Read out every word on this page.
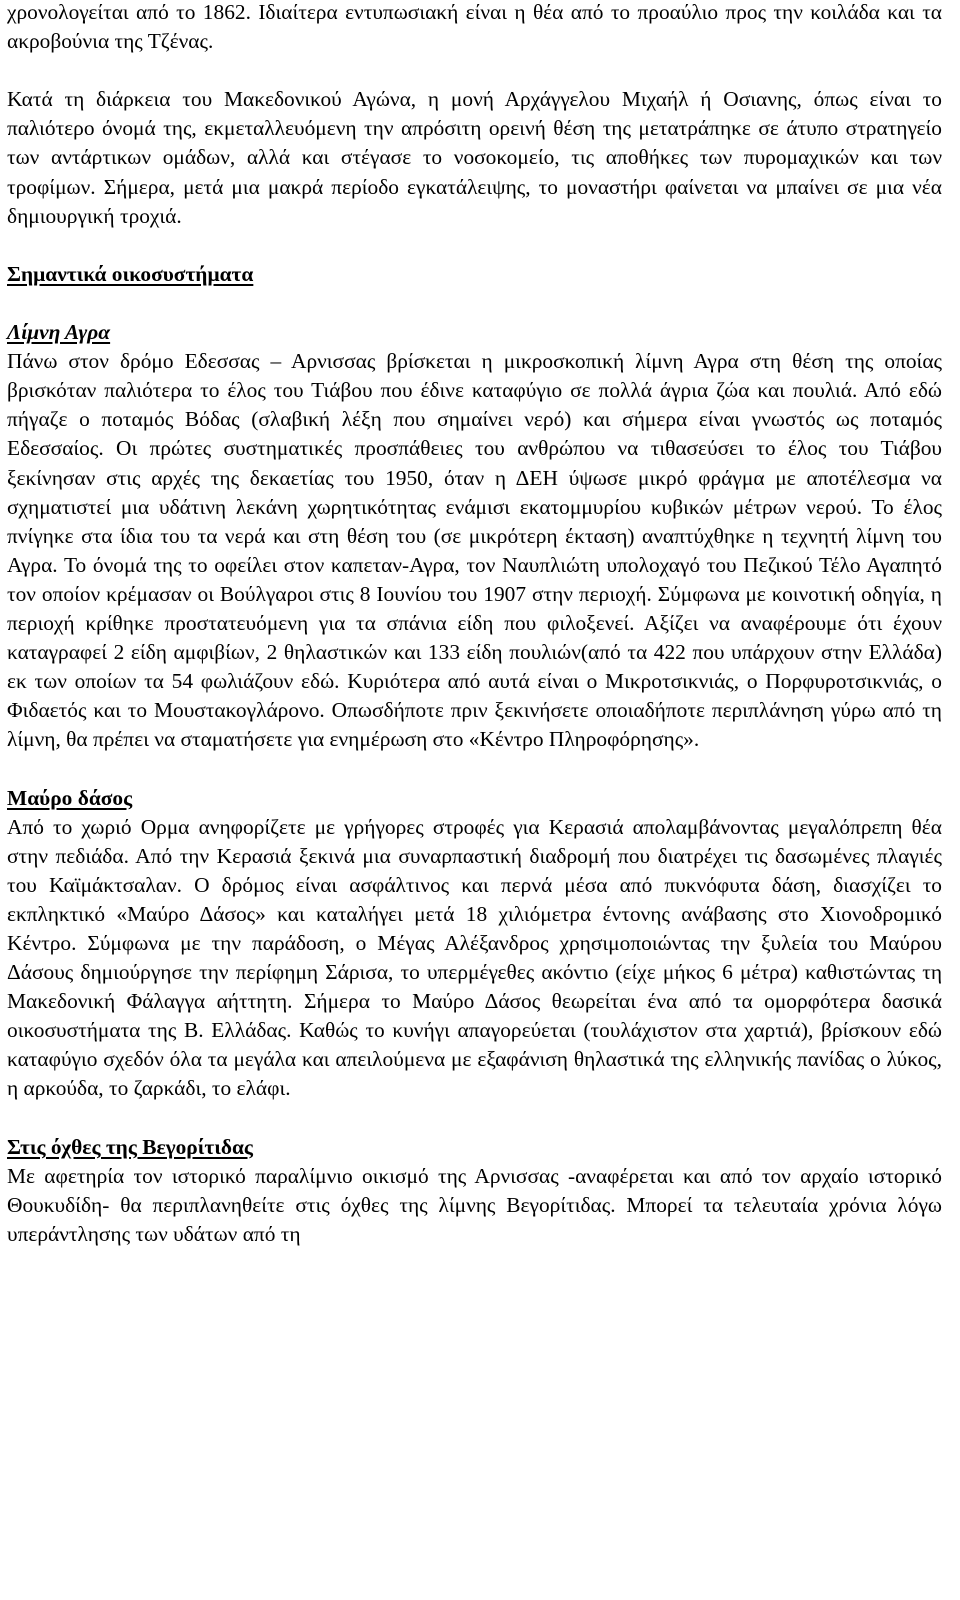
χρονολογείται από το 1862. Ιδιαίτερα εντυπωσιακή είναι η θέα από το προαύλιο προς την κοιλάδα και τα ακροβούνια της Τζένας.

Κατά τη διάρκεια του Μακεδονικού Αγώνα, η μονή Αρχάγγελου Μιχαήλ ή Οσιανης, όπως είναι το παλιότερο όνομά της, εκμεταλλευόμενη την απρόσιτη ορεινή θέση της μετατράπηκε σε άτυπο στρατηγείο των αντάρτικων ομάδων, αλλά και στέγασε το νοσοκομείο, τις αποθήκες των πυρομαχικών και των τροφίμων. Σήμερα, μετά μια μακρά περίοδο εγκατάλειψης, το μοναστήρι φαίνεται να μπαίνει σε μια νέα δημιουργική τροχιά.

Σημαντικά οικοσυστήματα
Λίμνη Αγρα

Πάνω στον δρόμο Εδεσσας – Αρνισσας βρίσκεται η μικροσκοπική λίμνη Αγρα στη θέση της οποίας βρισκόταν παλιότερα το έλος του Τιάβου που έδινε καταφύγιο σε πολλά άγρια ζώα και πουλιά. Από εδώ πήγαζε ο ποταμός Βόδας (σλαβική λέξη που σημαίνει νερό) και σήμερα είναι γνωστός ως ποταμός Εδεσσαίος. Οι πρώτες συστηματικές προσπάθειες του ανθρώπου να τιθασεύσει το έλος του Τιάβου ξεκίνησαν στις αρχές της δεκαετίας του 1950, όταν η ΔΕΗ ύψωσε μικρό φράγμα με αποτέλεσμα να σχηματιστεί μια υδάτινη λεκάνη χωρητικότητας ενάμισι εκατομμυρίου κυβικών μέτρων νερού. Το έλος πνίγηκε στα ίδια του τα νερά και στη θέση του (σε μικρότερη έκταση) αναπτύχθηκε η τεχνητή λίμνη του Αγρα. Το όνομά της το οφείλει στον καπεταν-Αγρα, τον Ναυπλιώτη υπολοχαγό του Πεζικού Τέλο Αγαπητό τον οποίον κρέμασαν οι Βούλγαροι στις 8 Ιουνίου του 1907 στην περιοχή. Σύμφωνα με κοινοτική οδηγία, η περιοχή κρίθηκε προστατευόμενη για τα σπάνια είδη που φιλοξενεί. Αξίζει να αναφέρουμε ότι έχουν καταγραφεί 2 είδη αμφιβίων, 2 θηλαστικών και 133 είδη πουλιών(από τα 422 που υπάρχουν στην Ελλάδα) εκ των οποίων τα 54 φωλιάζουν εδώ. Κυριότερα από αυτά είναι ο Μικροτσικνιάς, ο Πορφυροτσικνιάς, ο Φιδαετός και το Μουστακογλάρονο. Οπωσδήποτε πριν ξεκινήσετε οποιαδήποτε περιπλάνηση γύρω από τη λίμνη, θα πρέπει να σταματήσετε για ενημέρωση στο «Κέντρο Πληροφόρησης».

Μαύρο δάσος

Από το χωριό Ορμα ανηφορίζετε με γρήγορες στροφές για Κερασιά απολαμβάνοντας μεγαλόπρεπη θέα στην πεδιάδα. Από την Κερασιά ξεκινά μια συναρπαστική διαδρομή που διατρέχει τις δασωμένες πλαγιές του Καϊμάκτσαλαν. Ο δρόμος είναι ασφάλτινος και περνά μέσα από πυκνόφυτα δάση, διασχίζει το εκπληκτικό «Μαύρο Δάσος» και καταλήγει μετά 18 χιλιόμετρα έντονης ανάβασης στο Χιονοδρομικό Κέντρο. Σύμφωνα με την παράδοση, ο Μέγας Αλέξανδρος χρησιμοποιώντας την ξυλεία του Μαύρου Δάσους δημιούργησε την περίφημη Σάρισα, το υπερμέγεθες ακόντιο (είχε μήκος 6 μέτρα) καθιστώντας τη Μακεδονική Φάλαγγα αήττητη. Σήμερα το Μαύρο Δάσος θεωρείται ένα από τα ομορφότερα δασικά οικοσυστήματα της Β. Ελλάδας. Καθώς το κυνήγι απαγορεύεται (τουλάχιστον στα χαρτιά), βρίσκουν εδώ καταφύγιο σχεδόν όλα τα μεγάλα και απειλούμενα με εξαφάνιση θηλαστικά της ελληνικής πανίδας ο λύκος, η αρκούδα, το ζαρκάδι, το ελάφι.

Στις όχθες της Βεγορίτιδας

Με αφετηρία τον ιστορικό παραλίμνιο οικισμό της Αρνισσας -αναφέρεται και από τον αρχαίο ιστορικό Θουκυδίδη- θα περιπλανηθείτε στις όχθες της λίμνης Βεγορίτιδας. Μπορεί τα τελευταία χρόνια λόγω υπεράντλησης των υδάτων από τη
